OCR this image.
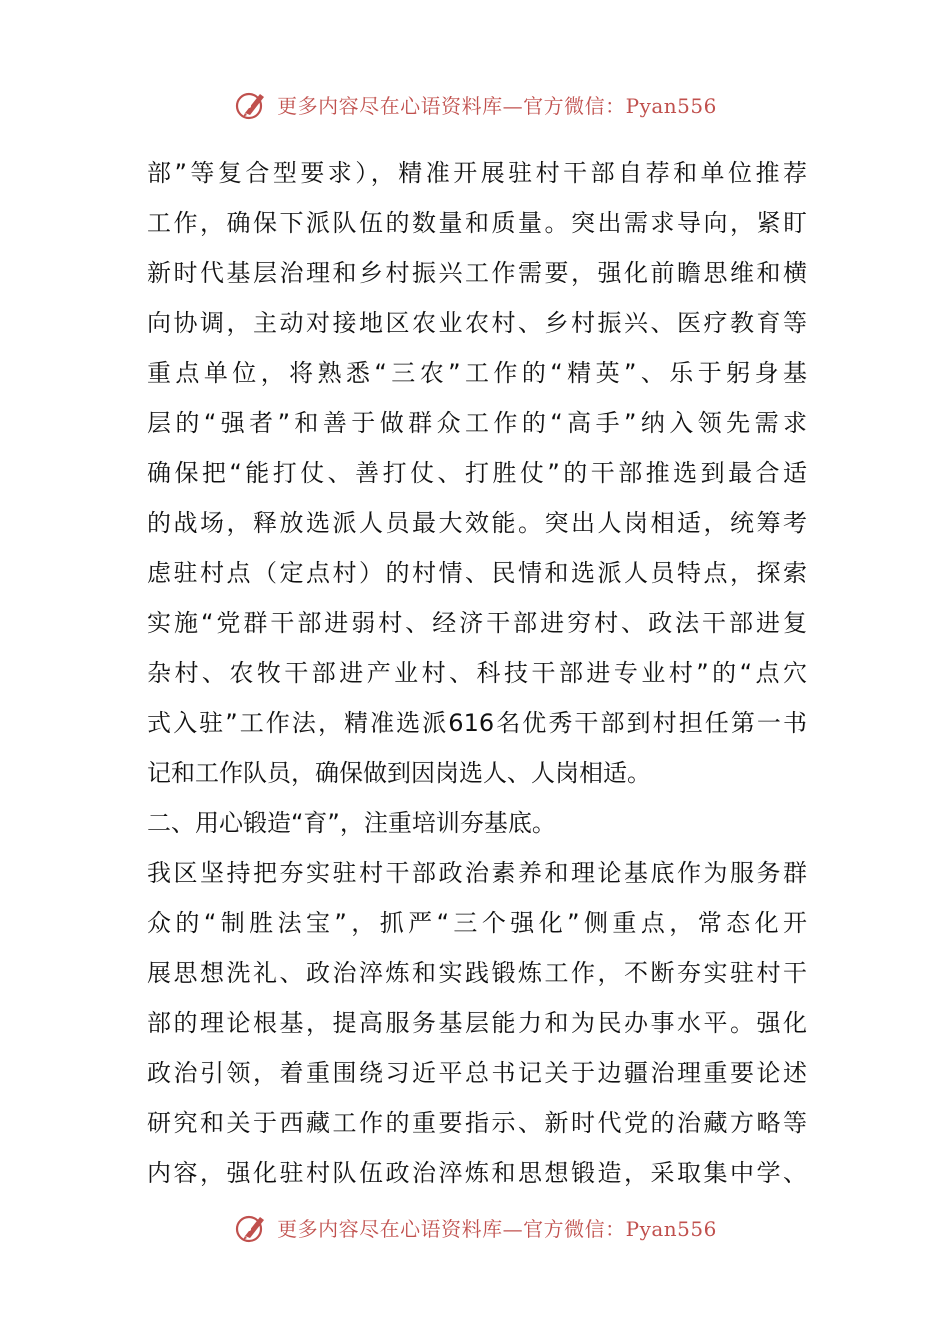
更多内容尽在心语资料库—官方微信：Pyan556
部”等复合型要求），精准开展驻村干部自荐和单位推荐
工作，确保下派队伍的数量和质量。突出需求导向，紧盯
新时代基层治理和乡村振兴工作需要，强化前瞻思维和横
向协调，主动对接地区农业农村、乡村振兴、医疗教育等
重点单位，将熟悉“三农”工作的“精英”、乐于躬身基
层的“强者”和善于做群众工作的“高手”纳入领先需求
确保把“能打仗、善打仗、打胜仗”的干部推选到最合适
的战场，释放选派人员最大效能。突出人岗相适，统筹考
虑驻村点（定点村）的村情、民情和选派人员特点，探索
实施“党群干部进弱村、经济干部进穷村、政法干部进复
杂村、农牧干部进产业村、科技干部进专业村”的“点穴
式入驻”工作法，精准选派616名优秀干部到村担任第一书
记和工作队员，确保做到因岗选人、人岗相适。
二、用心锻造“育”，注重培训夯基底。
我区坚持把夯实驻村干部政治素养和理论基底作为服务群
众的“制胜法宝”，抓严“三个强化”侧重点，常态化开
展思想洗礼、政治淬炼和实践锻炼工作，不断夯实驻村干
部的理论根基，提高服务基层能力和为民办事水平。强化
政治引领，着重围绕习近平总书记关于边疆治理重要论述
研究和关于西藏工作的重要指示、新时代党的治藏方略等
内容，强化驻村队伍政治淬炼和思想锻造，采取集中学、
更多内容尽在心语资料库—官方微信：Pyan556
